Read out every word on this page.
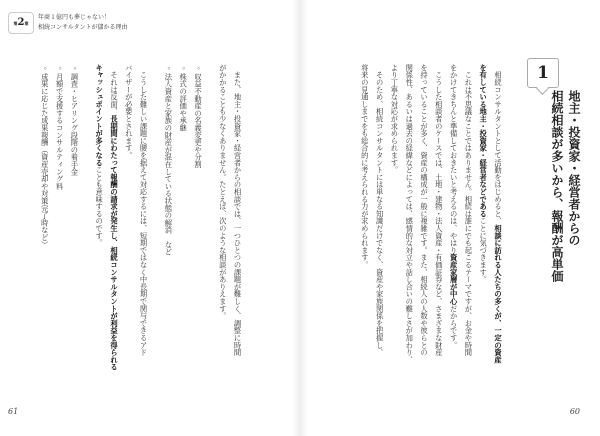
第2章
年商１億円も夢じゃない！
相続コンサルタントが儲かる理由
　また、地主・投資家・経営者からの相談では、一つひとつの課題が難しく、調整に時間
がかかることも少なくありません。たとえば、次のような相談がありえます。
◦収益不動産の名義変更や分割
◦株式の評価や承継
◦法人資産と家族の財産が混在している状態の解消　など
　こうした難しい課題に腰を据えて対応するには、短期ではなく中長期で関与できるアド
バイザーが必要とされます。
　それは反面、長期間にわたって報酬の請求が発生し、相続コンサルタントが利益を得られる
キャッシュポイントが多くなることも意味するのです。
◦調査・ヒアリング段階の着手金
◦月額で支援するコンサルティング料
◦成果に応じた成果報酬（資産売却や対策完了時など）
61
1
地主・投資家・経営者からの
相続相談が多いから、報酬が高単価
　相続コンサルタントとして活動をはじめると、相談に訪れる人たちの多くが、一定の資産
を有している地主・投資家・経営者などであることに気づきます。
　これは不思議なことではありません。相続は誰にでも起こるテーマですが、お金や時間
をかけてきちんと準備しておきたいと考えるのは、やはり資産家層が中心だからです。
　こうした相談者のケースでは、土地・建物・法人資産・有価証券など、さまざまな財産
を持っていることが多く、資産の構成が一般に複雑です。また、相続人の人数や彼らとの
関係性、あるいは過去の経緯などによっては、感情的な対立や話し合いの難しさが加わり、
より丁寧な対応が求められます。
　そのため、相続コンサルタントには単なる知識だけでなく、資産や家族関係を把握し、
将来の見通しまでをも総合的に考えられる力が求められます。
60
